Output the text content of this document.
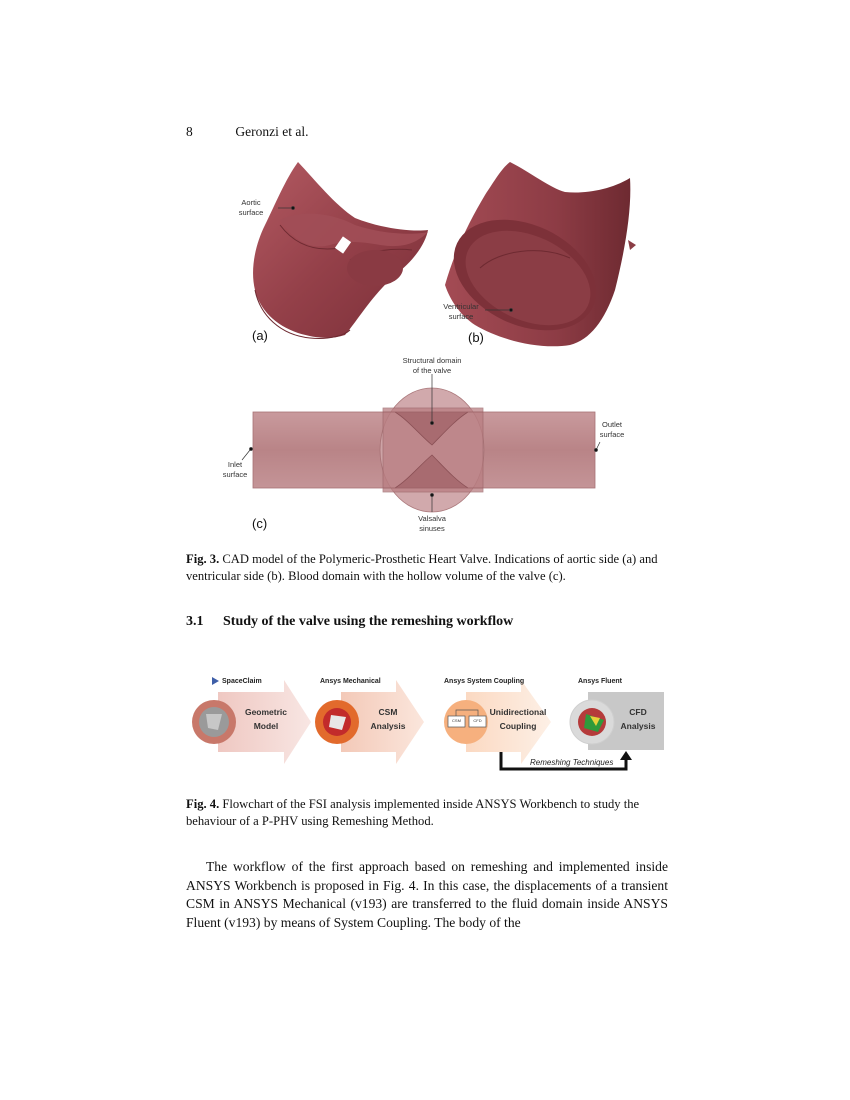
8	Geronzi et al.
Aortic
surface
Ventricular
surface
Structural domain
of the valve
Outlet
surface
Inlet
surface
Valsalva
sinuses
(a)	(b)
(c)
Fig. 3. CAD model of the Polymeric-Prosthetic Heart Valve. Indications of aortic side (a) and ventricular side (b). Blood domain with the hollow volume of the valve (c).
3.1 Study of the valve using the remeshing workflow
SpaceClaim	Ansys Mechanical	Ansys System Coupling	Ansys Fluent
Geometric
Model
CSM
Analysis
Unidirectional
Coupling
CFD
Analysis
CSM	CFD
Remeshing Techniques
Fig. 4. Flowchart of the FSI analysis implemented inside ANSYS Workbench to study the behaviour of a P-PHV using Remeshing Method.

The workflow of the first approach based on remeshing and implemented inside ANSYS Workbench is proposed in Fig. 4. In this case, the displacements of a transient CSM in ANSYS Mechanical (v193) are transferred to the fluid domain inside ANSYS Fluent (v193) by means of System Coupling. The body of the
